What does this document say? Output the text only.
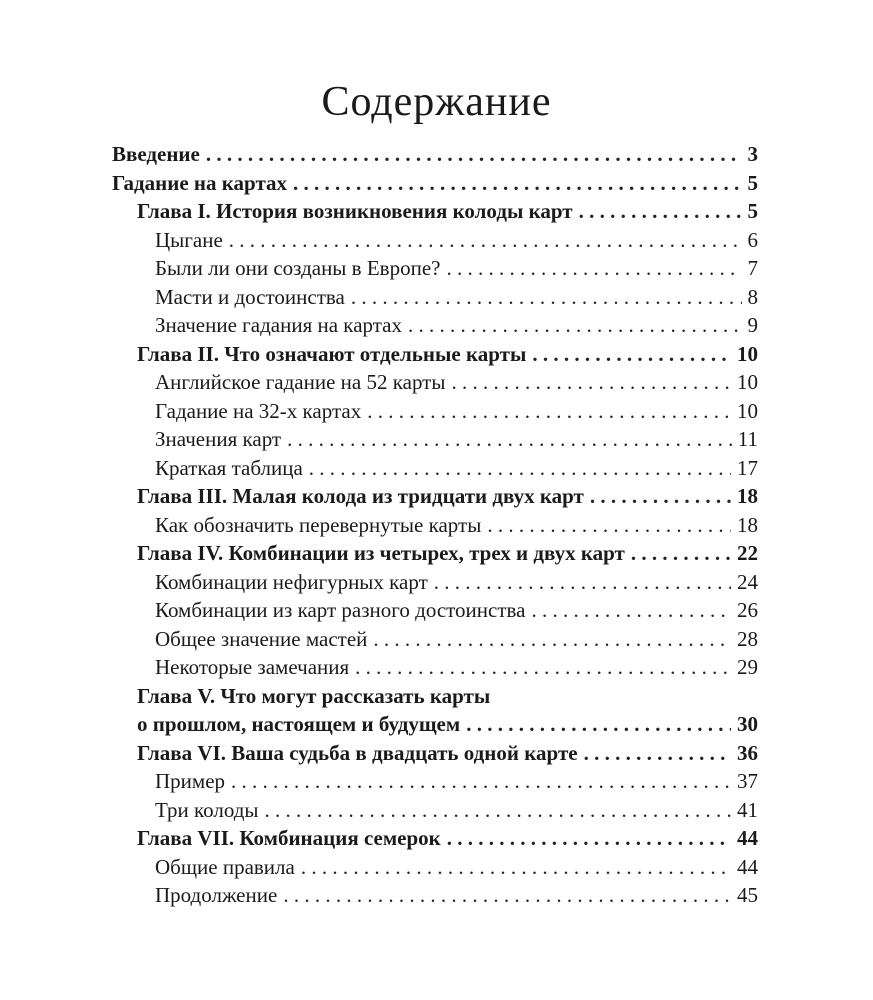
Содержание
Введение . . .	3
Гадание на картах . . .	5
Глава I. История возникновения колоды карт . . .	5
Цыгане . . .	6
Были ли они созданы в Европе? . . .	7
Масти и достоинства . . .	8
Значение гадания на картах . . .	9
Глава II. Что означают отдельные карты . . .	10
Английское гадание на 52 карты . . .	10
Гадание на 32-х картах . . .	10
Значения карт . . .	11
Краткая таблица . . .	17
Глава III. Малая колода из тридцати двух карт . . .	18
Как обозначить перевернутые карты . . .	18
Глава IV. Комбинации из четырех, трех и двух карт . . .	22
Комбинации нефигурных карт . . .	24
Комбинации из карт разного достоинства . . .	26
Общее значение мастей . . .	28
Некоторые замечания . . .	29
Глава V. Что могут рассказать карты
о прошлом, настоящем и будущем . . .	30
Глава VI. Ваша судьба в двадцать одной карте . . .	36
Пример . . .	37
Три колоды . . .	41
Глава VII. Комбинация семерок . . .	44
Общие правила . . .	44
Продолжение . . .	45
